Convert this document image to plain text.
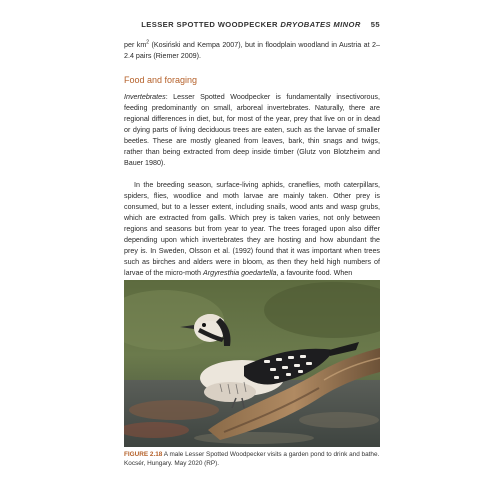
LESSER SPOTTED WOODPECKER DRYOBATES MINOR 55

per $km^2$ (Kosiński and Kempa 2007), but in floodplain woodland in Austria at 2–2.4 pairs (Riemer 2009).

Food and foraging

Invertebrates: Lesser Spotted Woodpecker is fundamentally insectivorous, feeding predominantly on small, arboreal invertebrates. Naturally, there are regional differences in diet, but, for most of the year, prey that live on or in dead or dying parts of living deciduous trees are eaten, such as the larvae of smaller beetles. These are mostly gleaned from leaves, bark, thin snags and twigs, rather than being extracted from deep inside timber (Glutz von Blotzheim and Bauer 1980).

In the breeding season, surface-living aphids, craneflies, moth caterpillars, spiders, flies, woodlice and moth larvae are mainly taken. Other prey is consumed, but to a lesser extent, including snails, wood ants and wasp grubs, which are extracted from galls. Which prey is taken varies, not only between regions and seasons but from year to year. The trees foraged upon also differ depending upon which invertebrates they are hosting and how abundant the prey is. In Sweden, Olsson et al. (1992) found that it was important when trees such as birches and alders were in bloom, as then they held high numbers of larvae of the micro-moth Argyresthia goedartella, a favourite food. When

FIGURE 2.18 A male Lesser Spotted Woodpecker visits a garden pond to drink and bathe. Kocsér, Hungary. May 2020 (RP).
